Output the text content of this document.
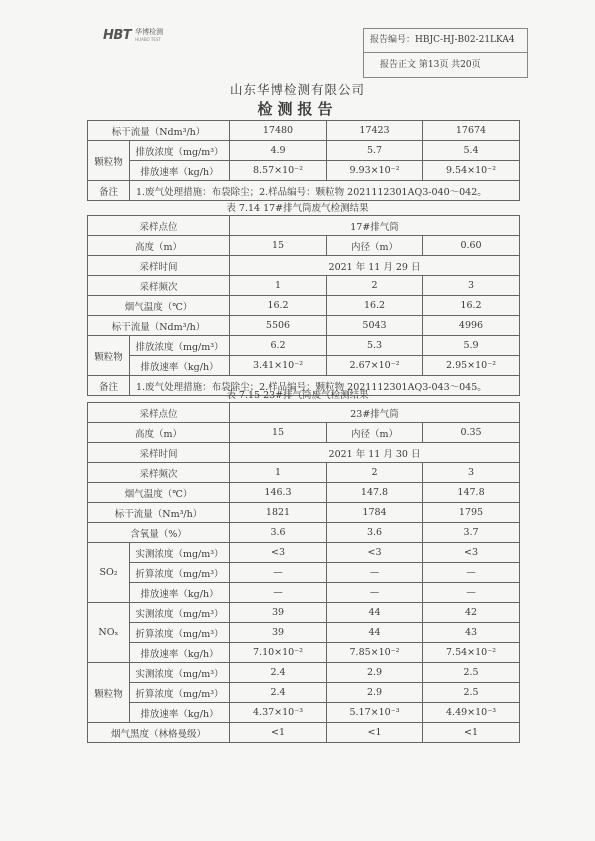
HBT 华博检测
HUABO TEST	报告编号：HBJC-HJ-B02-21LKA4
报告正文 第13页 共20页
山东华博检测有限公司
检测报告
标干流量（Ndm³/h）		17480	17423	17674
颗粒物	排放浓度（mg/m³）	4.9	5.7	5.4
	排放速率（kg/h）	8.57×10⁻²	9.93×10⁻²	9.54×10⁻²
备注	1.废气处理措施：布袋除尘；2.样品编号：颗粒物 2021112301AQ3-040～042。			
表 7.14 17#排气筒废气检测结果
采样点位		17#排气筒		
高度（m）		15	内径（m）	0.60
采样时间		2021 年 11 月 29 日		
采样频次		1	2	3
烟气温度（℃）		16.2	16.2	16.2
标干流量（Ndm³/h）		5506	5043	4996
颗粒物	排放浓度（mg/m³）	6.2	5.3	5.9
	排放速率（kg/h）	3.41×10⁻²	2.67×10⁻²	2.95×10⁻²
备注	1.废气处理措施：布袋除尘；2.样品编号：颗粒物 2021112301AQ3-043～045。			
表 7.15 23#排气筒废气检测结果
采样点位		23#排气筒		
高度（m）		15	内径（m）	0.35
采样时间		2021 年 11 月 30 日		
采样频次		1	2	3
烟气温度（℃）		146.3	147.8	147.8
标干流量（Nm³/h）		1821	1784	1795
含氧量（%）		3.6	3.6	3.7
SO₂	实测浓度（mg/m³）	<3	<3	<3
	折算浓度（mg/m³）	—	—	—
	排放速率（kg/h）	—	—	—
NOₓ	实测浓度（mg/m³）	39	44	42
	折算浓度（mg/m³）	39	44	43
	排放速率（kg/h）	7.10×10⁻²	7.85×10⁻²	7.54×10⁻²
颗粒物	实测浓度（mg/m³）	2.4	2.9	2.5
	折算浓度（mg/m³）	2.4	2.9	2.5
	排放速率（kg/h）	4.37×10⁻³	5.17×10⁻³	4.49×10⁻³
烟气黑度（林格曼级）		<1	<1	<1
